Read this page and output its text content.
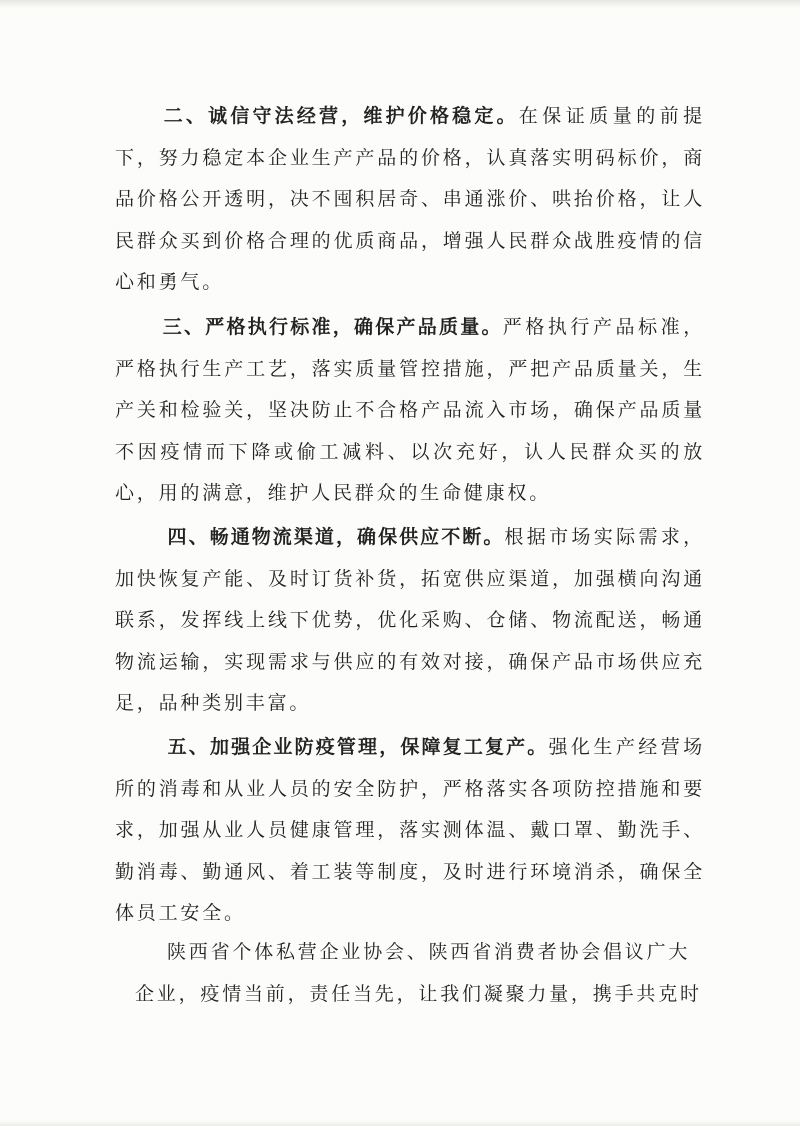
二、诚信守法经营，维护价格稳定。在保证质量的前提下，努力稳定本企业生产产品的价格，认真落实明码标价，商品价格公开透明，决不囤积居奇、串通涨价、哄抬价格，让人民群众买到价格合理的优质商品，增强人民群众战胜疫情的信心和勇气。

三、严格执行标准，确保产品质量。严格执行产品标准，严格执行生产工艺，落实质量管控措施，严把产品质量关，生产关和检验关，坚决防止不合格产品流入市场，确保产品质量不因疫情而下降或偷工减料、以次充好，认人民群众买的放心，用的满意，维护人民群众的生命健康权。

四、畅通物流渠道，确保供应不断。根据市场实际需求，加快恢复产能、及时订货补货，拓宽供应渠道，加强横向沟通联系，发挥线上线下优势，优化采购、仓储、物流配送，畅通物流运输，实现需求与供应的有效对接，确保产品市场供应充足，品种类别丰富。

五、加强企业防疫管理，保障复工复产。强化生产经营场所的消毒和从业人员的安全防护，严格落实各项防控措施和要求，加强从业人员健康管理，落实测体温、戴口罩、勤洗手、勤消毒、勤通风、着工装等制度，及时进行环境消杀，确保全体员工安全。

陕西省个体私营企业协会、陕西省消费者协会倡议广大
企业，疫情当前，责任当先，让我们凝聚力量，携手共克时
